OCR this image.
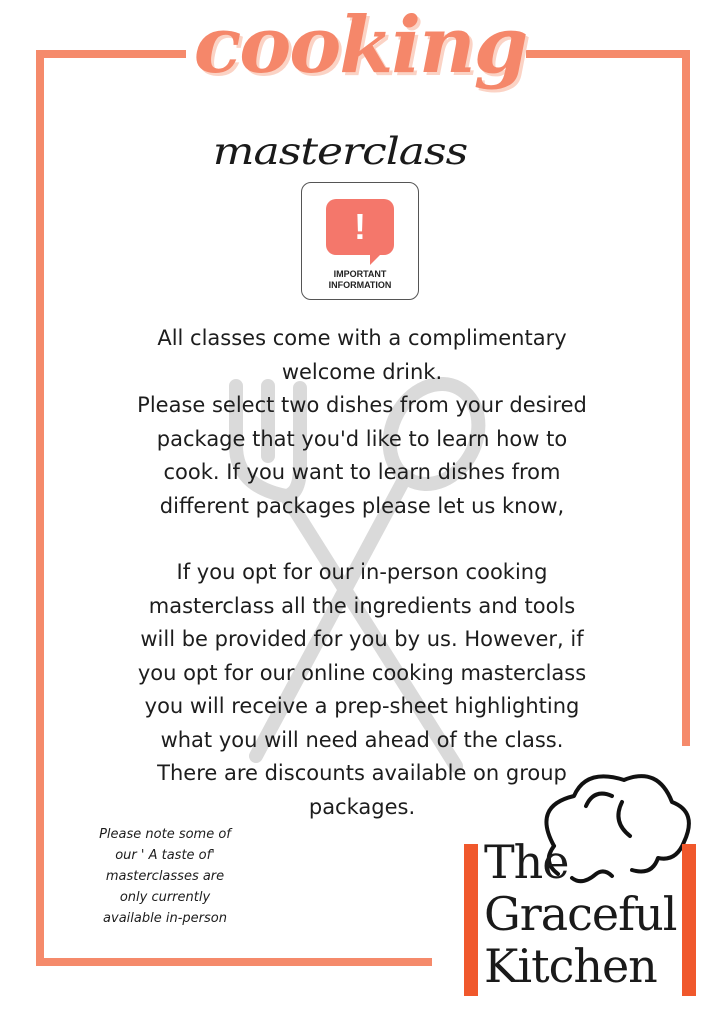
cooking
masterclass
!
IMPORTANT
INFORMATION

All classes come with a complimentary

welcome drink.

Please select two dishes from your desired

package that you'd like to learn how to

cook. If you want to learn dishes from

different packages please let us know,

If you opt for our in-person cooking

masterclass all the ingredients and tools

will be provided for you by us. However, if

you opt for our online cooking masterclass

you will receive a prep-sheet highlighting

what you will need ahead of the class.

There are discounts available on group

packages.

Please note some of
our ' A taste of'
masterclasses are
only currently
available in-person
The
Graceful
Kitchen
